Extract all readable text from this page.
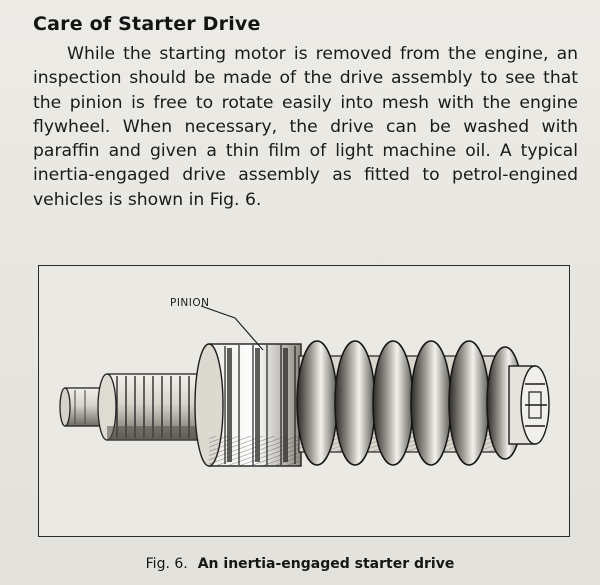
Care of Starter Drive
While the starting motor is removed from the engine, an inspection should be made of the drive assembly to see that the pinion is free to rotate easily into mesh with the engine flywheel. When necessary, the drive can be washed with paraffin and given a thin film of light machine oil. A typical inertia-engaged drive assembly as fitted to petrol-engined vehicles is shown in Fig. 6.
PINION
Fig. 6. An inertia-engaged starter drive
